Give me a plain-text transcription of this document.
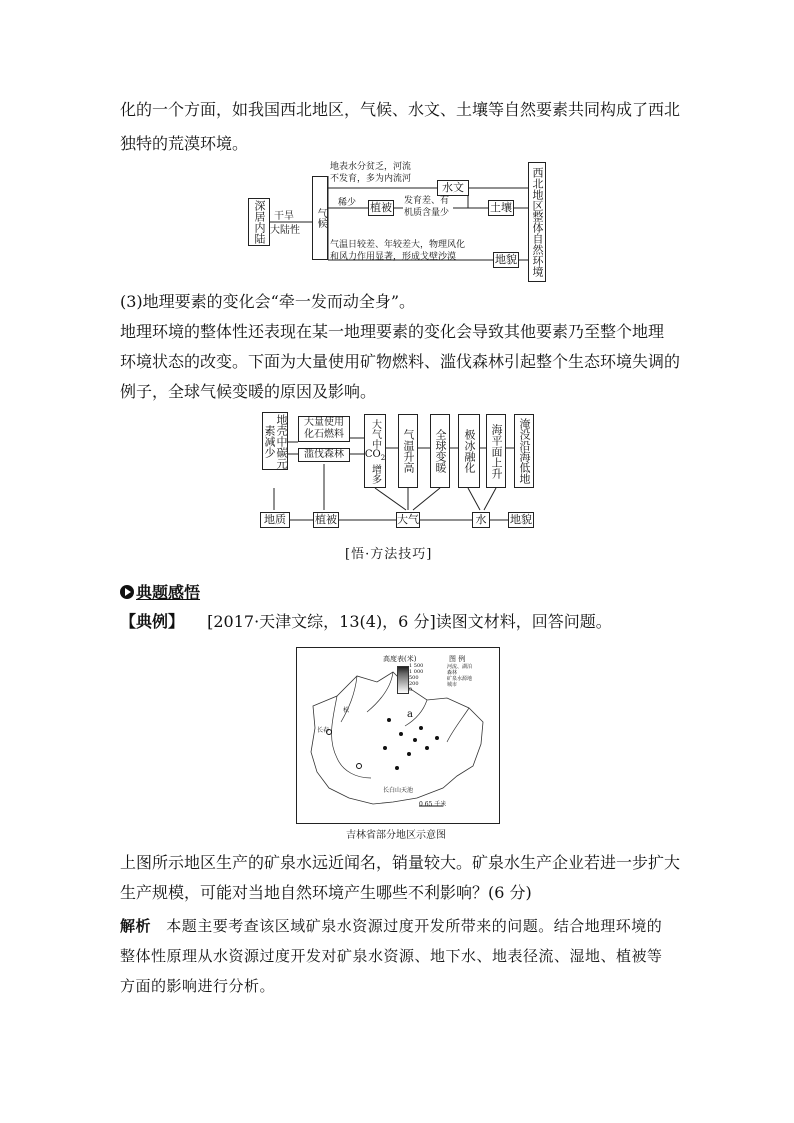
化的一个方面，如我国西北地区，气候、水文、土壤等自然要素共同构成了西北
独特的荒漠环境。
深居内陆 干旱
大陆性
气候
地表水分贫乏，河流
不发育，多为内流河
水文
稀少 植被 发育差、有
机质含量少	土壤
气温日较差、年较差大，物理风化
和风力作用显著，形成戈壁沙漠	地貌 西北地区整体自然环境
(3)地理要素的变化会“牵一发而动全身”。
地理环境的整体性还表现在某一地理要素的变化会导致其他要素乃至整个地理
环境状态的改变。下面为大量使用矿物燃料、滥伐森林引起整个生态环境失调的
例子，全球气候变暖的原因及影响。
地壳中碳元素减少
大量使用
化石燃料
滥伐森林
大气中
$CO_2$
增多
气温升高	全球变暖	极冰融化	海平面上升	淹没沿海低地
地质	植被	大气	水	地貌
[悟·方法技巧]
典题感悟
【典例】 [2017·天津文综，13(4)，6 分]读图文材料，回答问题。
高度表(米)	图 例
1 500
1 000
500
200
0
河流、湖泊
森林
矿泉水源地
城市
松
长春
a
长白山天池
0 65 千米
吉林省部分地区示意图
上图所示地区生产的矿泉水远近闻名，销量较大。矿泉水生产企业若进一步扩大
生产规模，可能对当地自然环境产生哪些不利影响？(6 分)
解析 本题主要考查该区域矿泉水资源过度开发所带来的问题。结合地理环境的
整体性原理从水资源过度开发对矿泉水资源、地下水、地表径流、湿地、植被等
方面的影响进行分析。
